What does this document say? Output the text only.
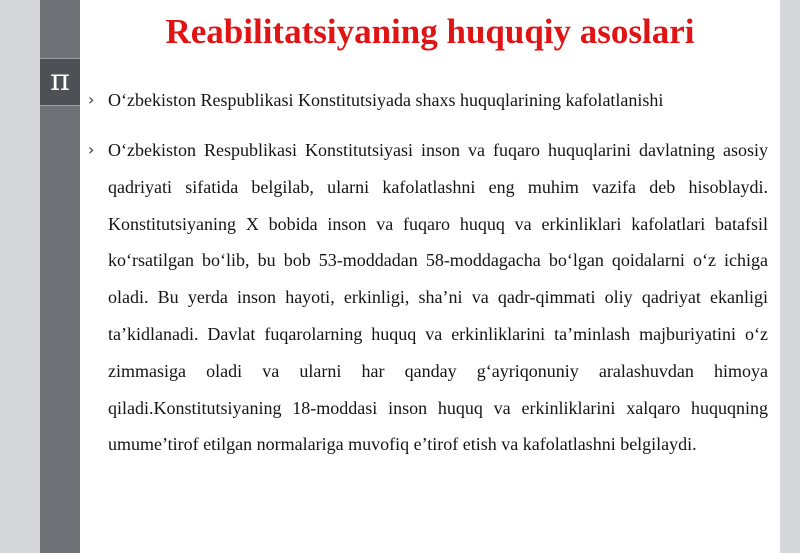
π
Reabilitatsiyaning huquqiy asoslari
› O‘zbekiston Respublikasi Konstitutsiyada shaxs huquqlarining kafolatlanishi
› O‘zbekiston Respublikasi Konstitutsiyasi inson va fuqaro huquqlarini davlatning asosiy qadriyati sifatida belgilab, ularni kafolatlashni eng muhim vazifa deb hisoblaydi. Konstitutsiyaning X bobida inson va fuqaro huquq va erkinliklari kafolatlari batafsil ko‘rsatilgan bo‘lib, bu bob 53-moddadan 58-moddagacha bo‘lgan qoidalarni o‘z ichiga oladi. Bu yerda inson hayoti, erkinligi, sha’ni va qadr-qimmati oliy qadriyat ekanligi ta’kidlanadi. Davlat fuqarolarning huquq va erkinliklarini ta’minlash majburiyatini o‘z zimmasiga oladi va ularni har qanday g‘ayriqonuniy aralashuvdan himoya qiladi.Konstitutsiyaning 18-moddasi inson huquq va erkinliklarini xalqaro huquqning umume’tirof etilgan normalariga muvofiq e’tirof etish va kafolatlashni belgilaydi.
